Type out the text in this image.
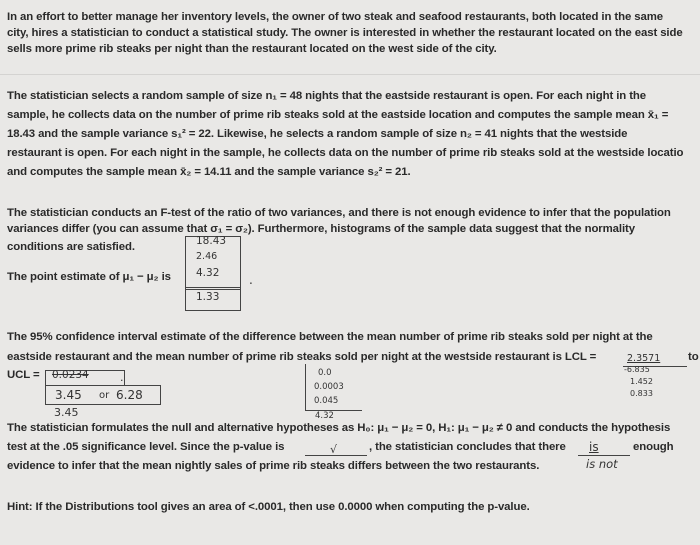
In an effort to better manage her inventory levels, the owner of two steak and seafood restaurants, both located in the same
city, hires a statistician to conduct a statistical study. The owner is interested in whether the restaurant located on the east side
sells more prime rib steaks per night than the restaurant located on the west side of the city.
The statistician selects a random sample of size n₁ = 48 nights that the eastside restaurant is open. For each night in the
sample, he collects data on the number of prime rib steaks sold at the eastside location and computes the sample mean x̄₁ =
18.43 and the sample variance s₁² = 22. Likewise, he selects a random sample of size n₂ = 41 nights that the westside
restaurant is open. For each night in the sample, he collects data on the number of prime rib steaks sold at the westside locatio
and computes the sample mean x̄₂ = 14.11 and the sample variance s₂² = 21.
The statistician conducts an F-test of the ratio of two variances, and there is not enough evidence to infer that the population
variances differ (you can assume that σ₁ = σ₂). Furthermore, histograms of the sample data suggest that the normality
conditions are satisfied.
The point estimate of μ₁ − μ₂ is
18.43
2.46
4.32
1.33
.
The 95% confidence interval estimate of the difference between the mean number of prime rib steaks sold per night at the
eastside restaurant and the mean number of prime rib steaks sold per night at the westside restaurant is LCL =	2.3571 to
UCL = 0.0234	.
3.45 or 6.28
3.45
0.0
0.0003
0.045
4.32
-6.835
1.452
0.833
The statistician formulates the null and alternative hypotheses as H₀: μ₁ − μ₂ = 0, H₁: μ₁ − μ₂ ≠ 0 and conducts the hypothesis
test at the .05 significance level. Since the p-value is	√	, the statistician concludes that there is	enough
evidence to infer that the mean nightly sales of prime rib steaks differs between the two restaurants.	is not
Hint: If the Distributions tool gives an area of <.0001, then use 0.0000 when computing the p-value.
